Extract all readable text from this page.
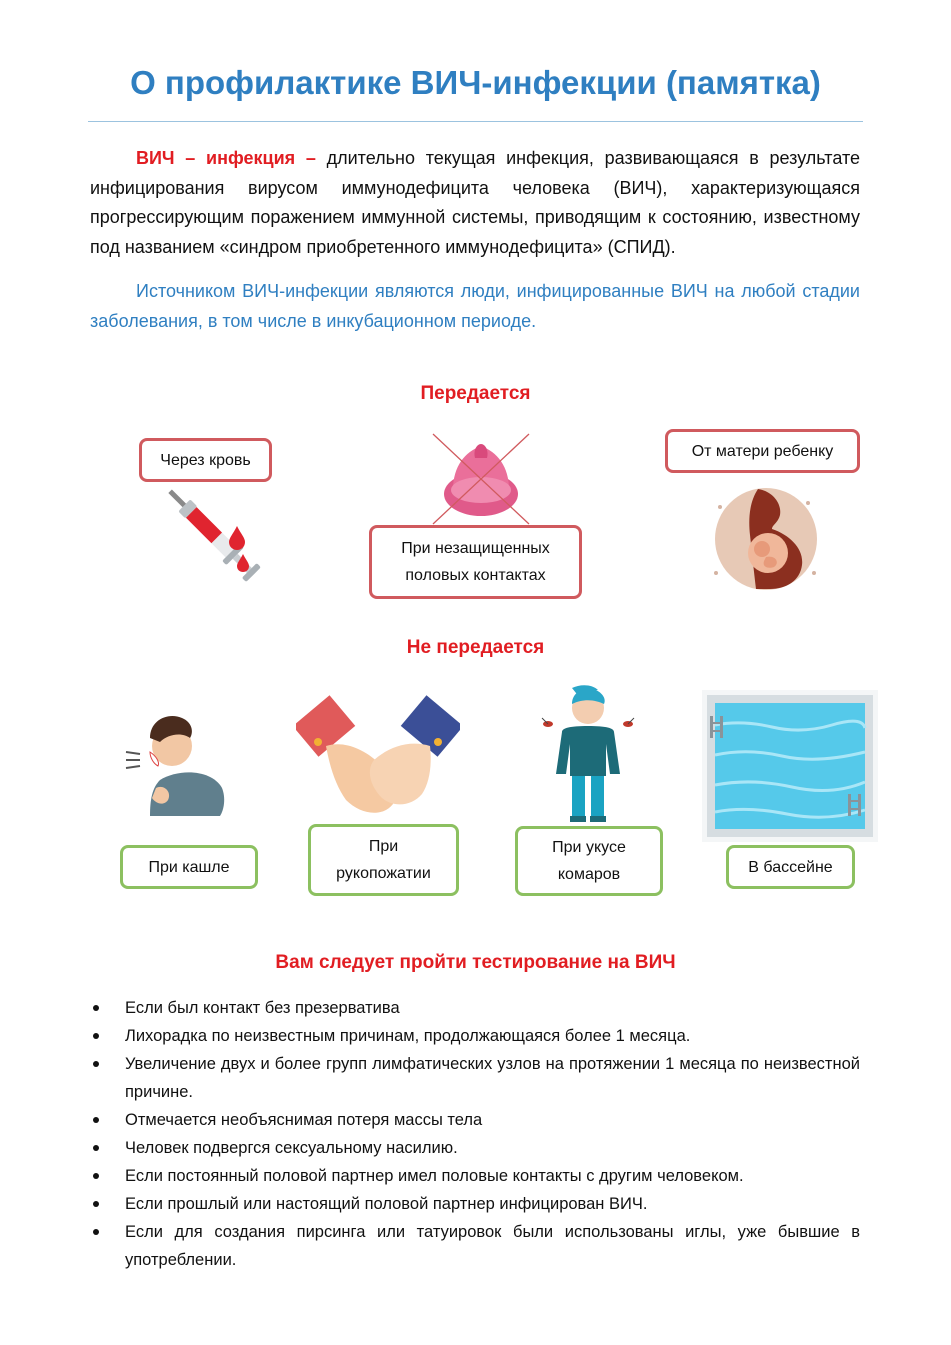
О профилактике ВИЧ-инфекции (памятка)

ВИЧ – инфекция – длительно текущая инфекция, развивающаяся в результате инфицирования вирусом иммунодефицита человека (ВИЧ), характеризующаяся прогрессирующим поражением иммунной системы, приводящим к состоянию, известному под названием «синдром приобретенного иммунодефицита» (СПИД).

Источником ВИЧ-инфекции являются люди, инфицированные ВИЧ на любой стадии заболевания, в том числе в инкубационном периоде.

Передается
Через кровь
При незащищенных
половых контактах
От матери ребенку
Не передается
При кашле
При
рукопожатии
При укусе
комаров	В бассейне
Вам следует пройти тестирование на ВИЧ
Если был контакт без презерватива
Лихорадка по неизвестным причинам, продолжающаяся более 1 месяца.
Увеличение двух и более групп лимфатических узлов на протяжении 1 месяца по неизвестной причине.
Отмечается необъяснимая потеря массы тела
Человек подвергся сексуальному насилию.
Если постоянный половой партнер имел половые контакты с другим человеком.
Если прошлый или настоящий половой партнер инфицирован ВИЧ.
Если для создания пирсинга или татуировок были использованы иглы, уже бывшие в употреблении.
